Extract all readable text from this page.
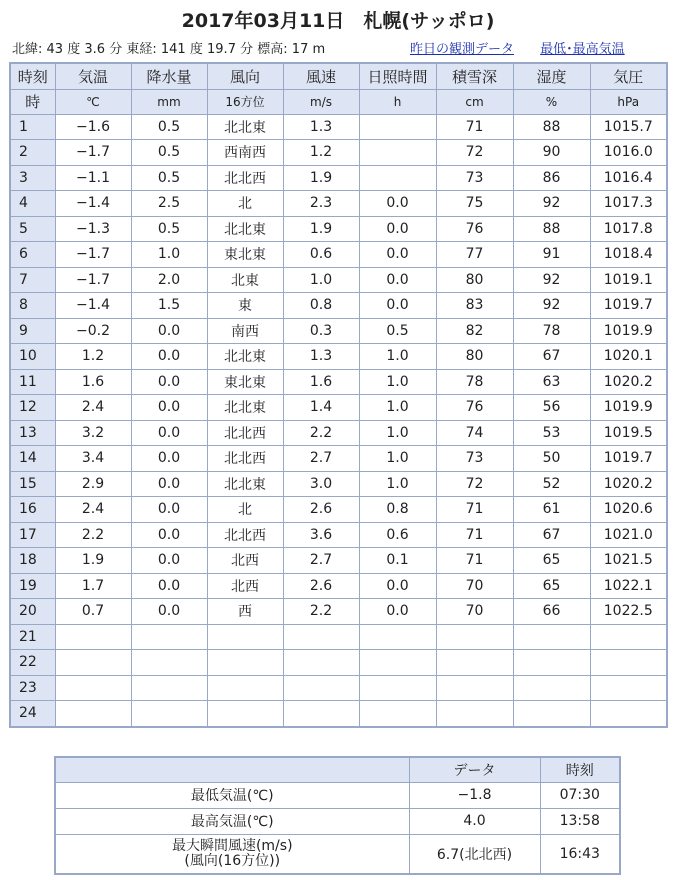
2017年03月11日　札幌(サッポロ)
北緯: 43 度 3.6 分 東経: 141 度 19.7 分 標高: 17 m	昨日の観測データ 最低･最高気温
時刻	気温	降水量	風向	風速	日照時間	積雪深	湿度	気圧
時	℃	mm	16方位	m/s	h	cm	%	hPa
1	−1.6	0.5	北北東	1.3		71	88	1015.7
2	−1.7	0.5	西南西	1.2		72	90	1016.0
3	−1.1	0.5	北北西	1.9		73	86	1016.4
4	−1.4	2.5	北	2.3	0.0	75	92	1017.3
5	−1.3	0.5	北北東	1.9	0.0	76	88	1017.8
6	−1.7	1.0	東北東	0.6	0.0	77	91	1018.4
7	−1.7	2.0	北東	1.0	0.0	80	92	1019.1
8	−1.4	1.5	東	0.8	0.0	83	92	1019.7
9	−0.2	0.0	南西	0.3	0.5	82	78	1019.9
10	1.2	0.0	北北東	1.3	1.0	80	67	1020.1
11	1.6	0.0	東北東	1.6	1.0	78	63	1020.2
12	2.4	0.0	北北東	1.4	1.0	76	56	1019.9
13	3.2	0.0	北北西	2.2	1.0	74	53	1019.5
14	3.4	0.0	北北西	2.7	1.0	73	50	1019.7
15	2.9	0.0	北北東	3.0	1.0	72	52	1020.2
16	2.4	0.0	北	2.6	0.8	71	61	1020.6
17	2.2	0.0	北北西	3.6	0.6	71	67	1021.0
18	1.9	0.0	北西	2.7	0.1	71	65	1021.5
19	1.7	0.0	北西	2.6	0.0	70	65	1022.1
20	0.7	0.0	西	2.2	0.0	70	66	1022.5
21								
22								
23								
24								
	データ	時刻
最低気温(℃)	−1.8	07:30
最高気温(℃)	4.0	13:58

最大瞬間風速(m/s)
(風向(16方位))	6.7(北北西)	16:43
